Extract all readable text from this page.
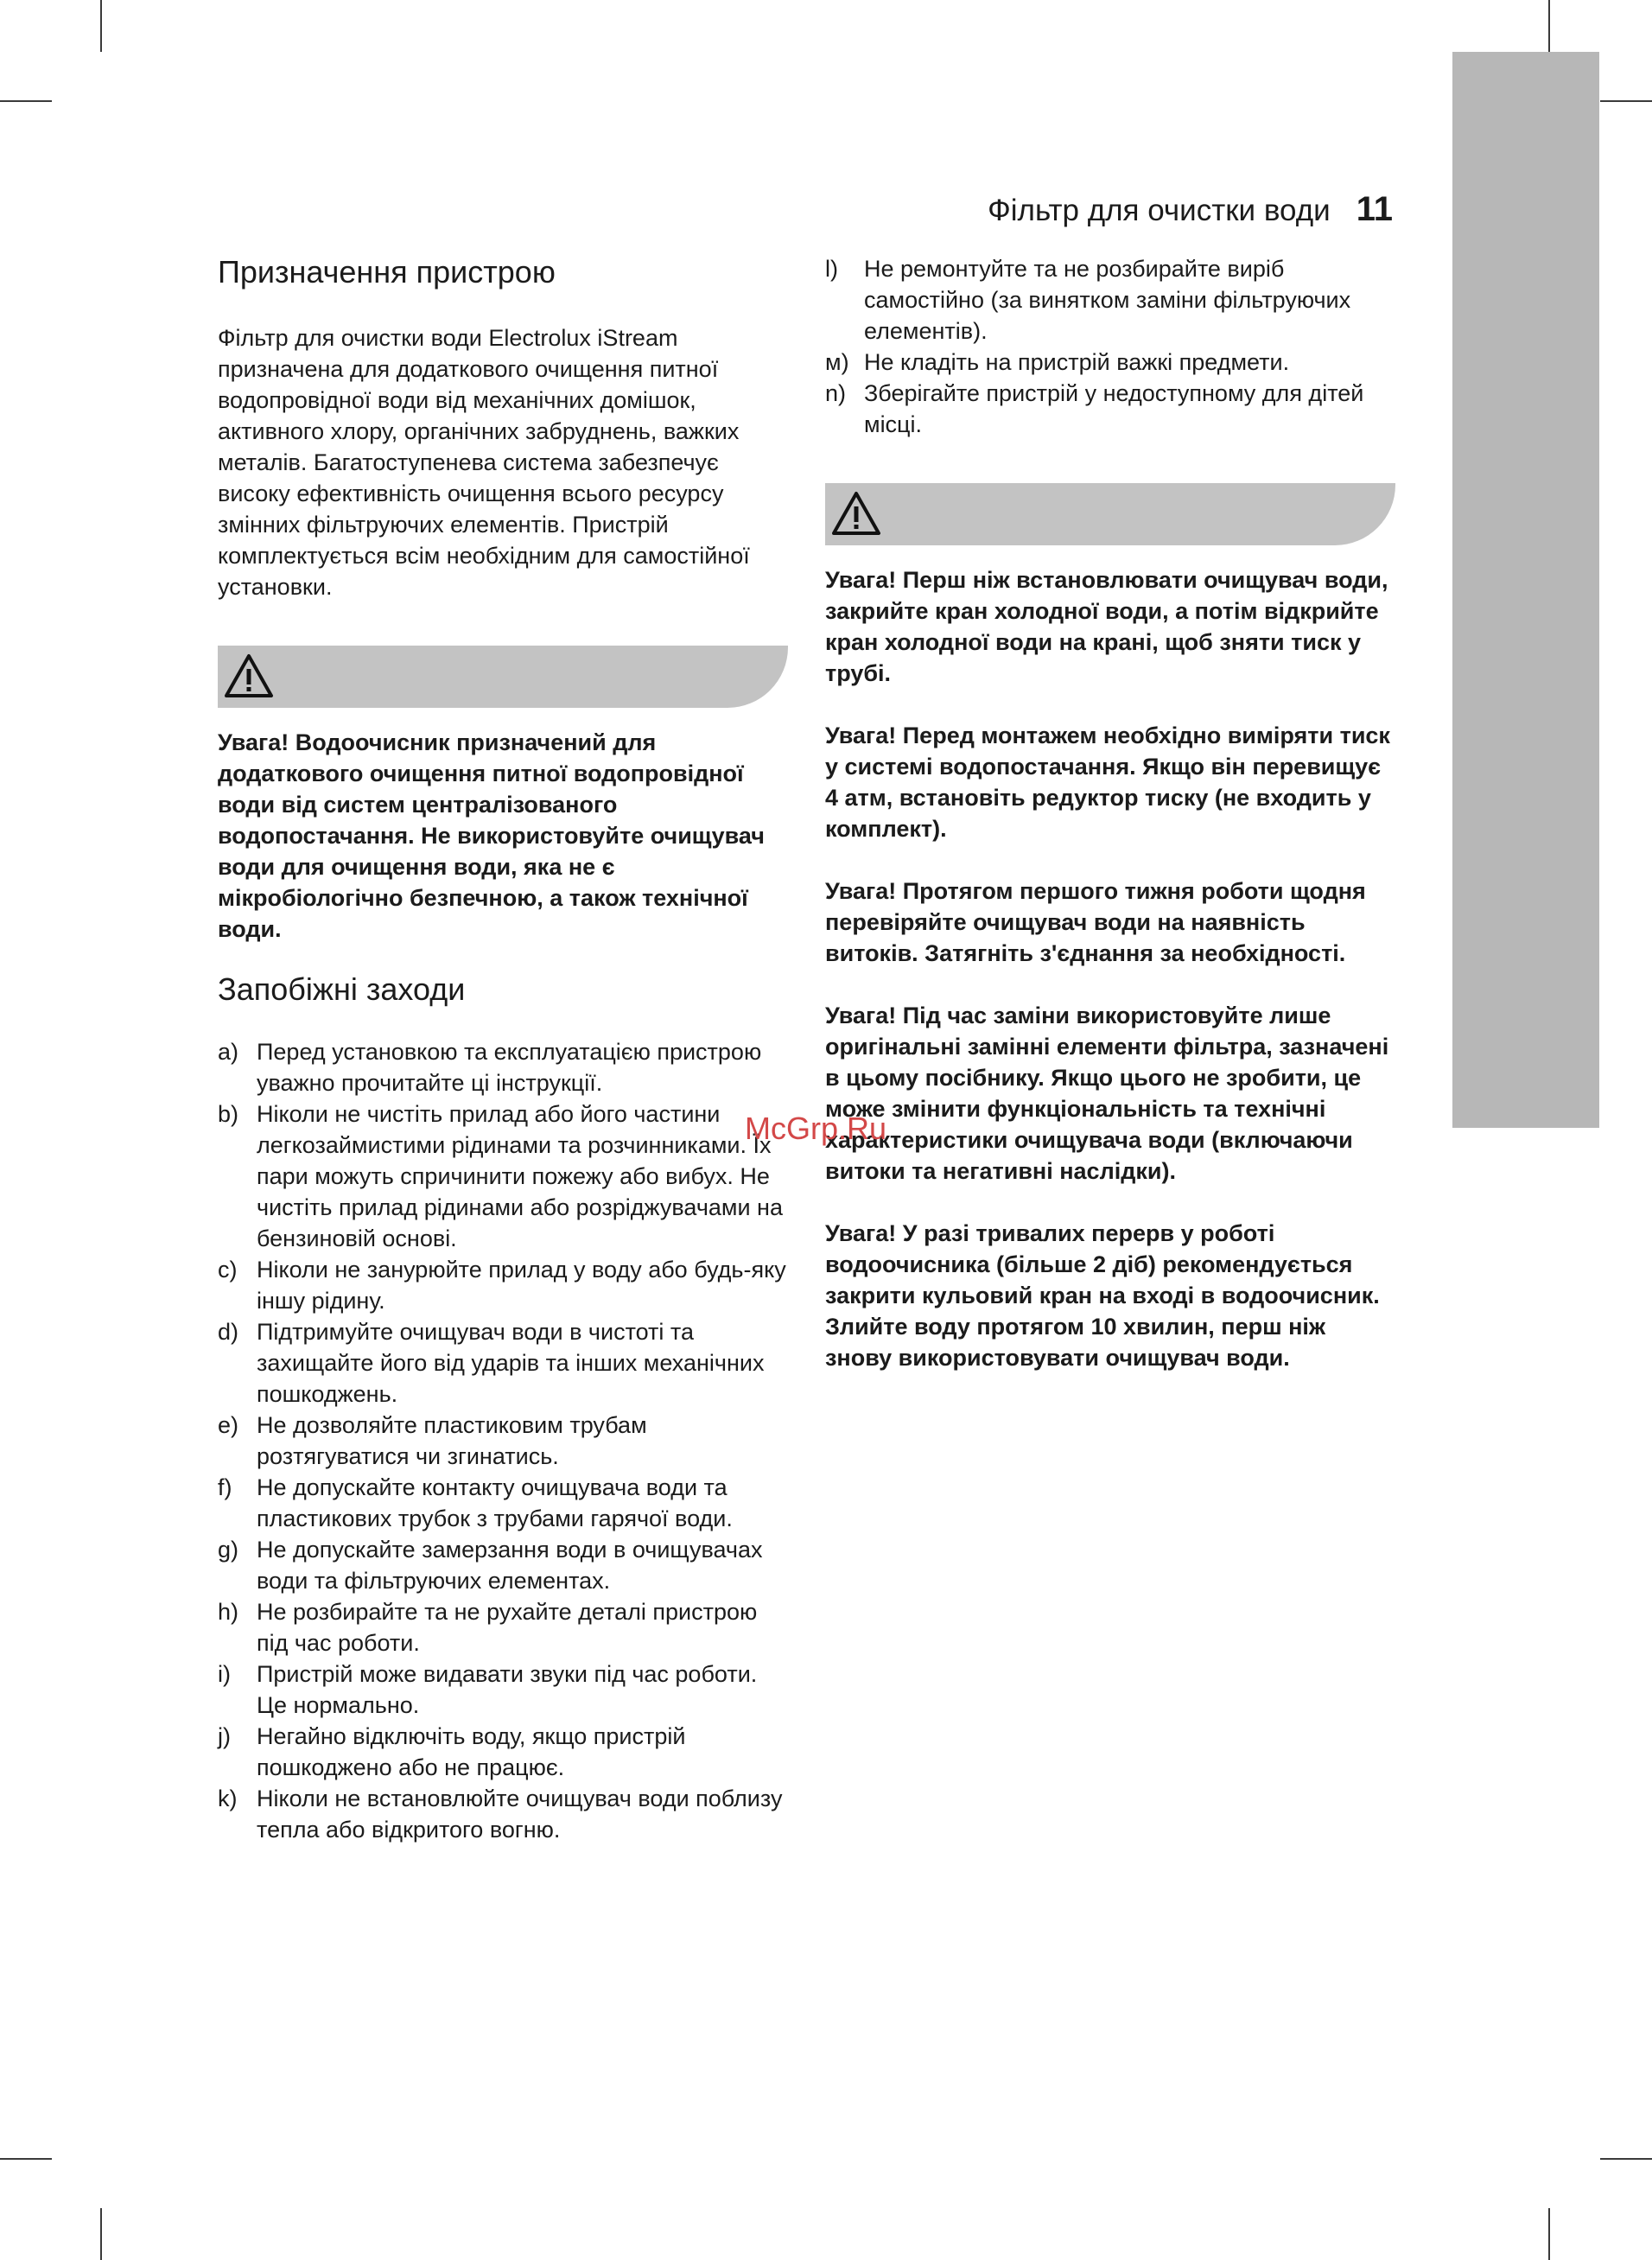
Фільтр для очистки води 11
Призначення пристрою

Фільтр для очистки води Electrolux iStream призначена для додаткового очищення питної водопровідної води від механічних домішок, активного хлору, органічних забруднень, важких металів. Багатоступенева система забезпечує високу ефективність очищення всього ресурсу змінних фільтруючих елементів. Пристрій комплектується всім необхідним для самостійної установки.

Увага! Водоочисник призначений для додаткового очищення питної водопровідної води від систем централізованого водопостачання. Не використовуйте очищувач води для очищення води, яка не є мікробіологічно безпечною, а також технічної води.

Запобіжні заходи
a) Перед установкою та експлуатацією пристрою уважно прочитайте ці інструкції.
b) Ніколи не чистіть прилад або його частини легкозаймистими рідинами та розчинниками. Їх пари можуть спричинити пожежу або вибух. Не чистіть прилад рідинами або розріджувачами на бензиновій основі.
c) Ніколи не занурюйте прилад у воду або будь-яку іншу рідину.
d) Підтримуйте очищувач води в чистоті та захищайте його від ударів та інших механічних пошкоджень.
e) Не дозволяйте пластиковим трубам розтягуватися чи згинатись.
f)	Не допускайте контакту очищувача води та пластикових трубок з трубами гарячої води.
g) Не допускайте замерзання води в очищувачах води та фільтруючих елементах.
h) Не розбирайте та не рухайте деталі пристрою під час роботи.
i)	Пристрій може видавати звуки під час роботи. Це нормально.
j)	Негайно відключіть воду, якщо пристрій пошкоджено або не працює.
k) Ніколи не встановлюйте очищувач води поблизу тепла або відкритого вогню.
l)	Не ремонтуйте та не розбирайте виріб самостійно (за винятком заміни фільтруючих елементів).
м) Не кладіть на пристрій важкі предмети.
n) Зберігайте пристрій у недоступному для дітей місці.

Увага! Перш ніж встановлювати очищувач води, закрийте кран холодної води, а потім відкрийте кран холодної води на крані, щоб зняти тиск у трубі.

Увага! Перед монтажем необхідно виміряти тиск у системі водопостачання. Якщо він перевищує 4 атм, встановіть редуктор тиску (не входить у комплект).

Увага! Протягом першого тижня роботи щодня перевіряйте очищувач води на наявність витоків. Затягніть з'єднання за необхідності.

Увага! Під час заміни використовуйте лише оригінальні замінні елементи фільтра, зазначені в цьому посібнику. Якщо цього не зробити, це може змінити функціональність та технічні характеристики очищувача води (включаючи витоки та негативні наслідки).

Увага! У разі тривалих перерв у роботі водоочисника (більше 2 діб) рекомендується закрити кульовий кран на вході в водоочисник. Злийте воду протягом 10 хвилин, перш ніж знову використовувати очищувач води.

McGrp.Ru
